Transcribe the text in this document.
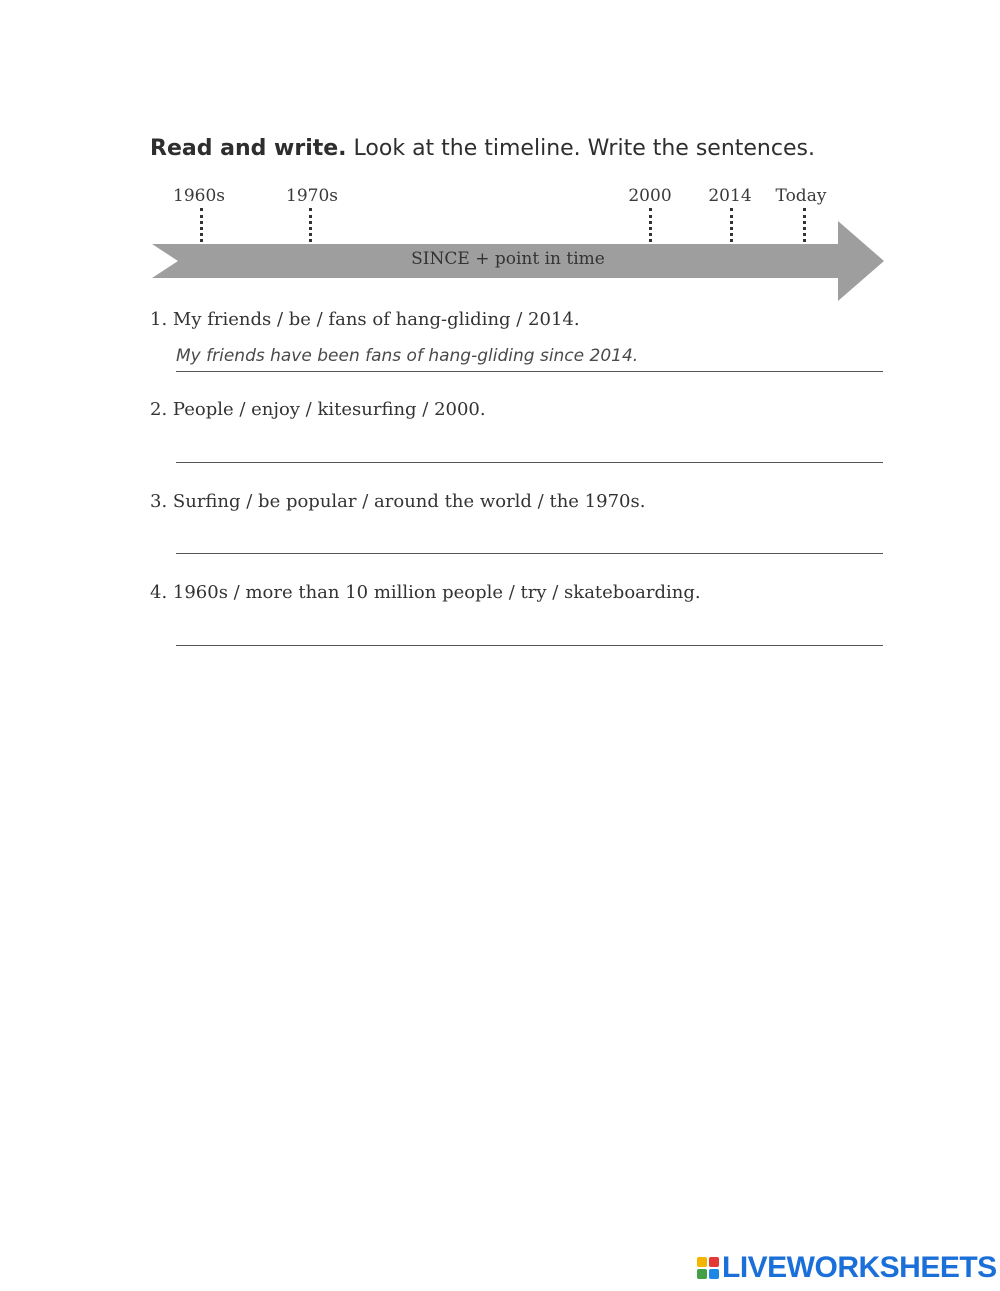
Read and write. Look at the timeline. Write the sentences.
1960s	1970s	2000 2014 Today
SINCE + point in time
1. My friends / be / fans of hang-gliding / 2014.
My friends have been fans of hang-gliding since 2014.
2. People / enjoy / kitesurfing / 2000.
3. Surfing / be popular / around the world / the 1970s.
4. 1960s / more than 10 million people / try / skateboarding.
LIVEWORKSHEETS
